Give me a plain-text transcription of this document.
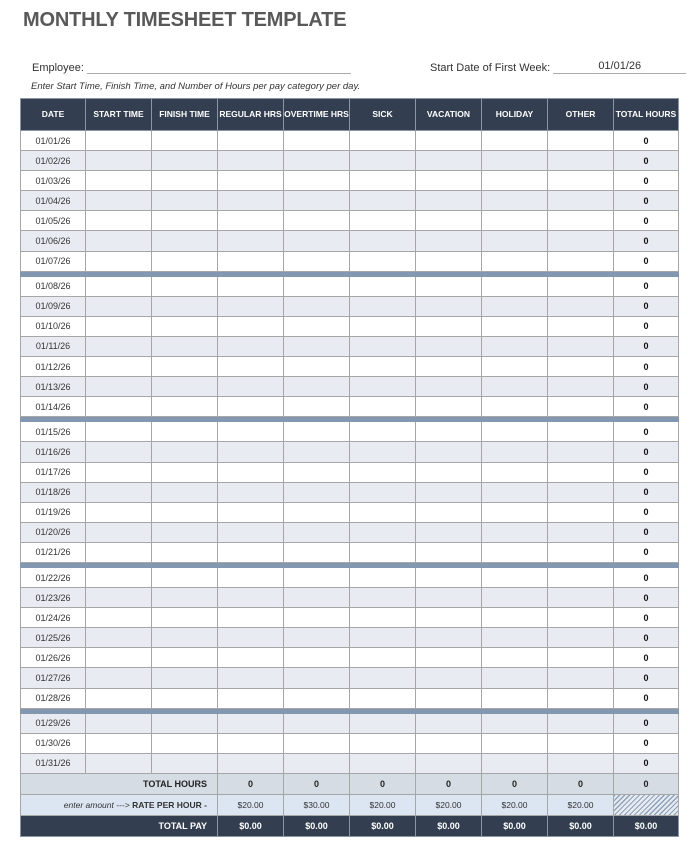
MONTHLY TIMESHEET TEMPLATE
Employee:	Start Date of First Week:	01/01/26
Enter Start Time, Finish Time, and Number of Hours per pay category per day.
DATE	START TIME	FINISH TIME	REGULAR HRS	OVERTIME HRS	SICK	VACATION	HOLIDAY	OTHER	TOTAL HOURS
01/01/26									0
01/02/26									0
01/03/26									0
01/04/26									0
01/05/26									0
01/06/26									0
01/07/26									0

01/08/26									0
01/09/26									0
01/10/26									0
01/11/26									0
01/12/26									0
01/13/26									0
01/14/26									0

01/15/26									0
01/16/26									0
01/17/26									0
01/18/26									0
01/19/26									0
01/20/26									0
01/21/26									0

01/22/26									0
01/23/26									0
01/24/26									0
01/25/26									0
01/26/26									0
01/27/26									0
01/28/26									0

01/29/26									0
01/30/26									0
01/31/26									0
TOTAL HOURS			0	0	0	0	0	0	0
enter amount ---> RATE PER HOUR -			$20.00	$30.00	$20.00	$20.00	$20.00	$20.00	
TOTAL PAY			$0.00	$0.00	$0.00	$0.00	$0.00	$0.00	$0.00
